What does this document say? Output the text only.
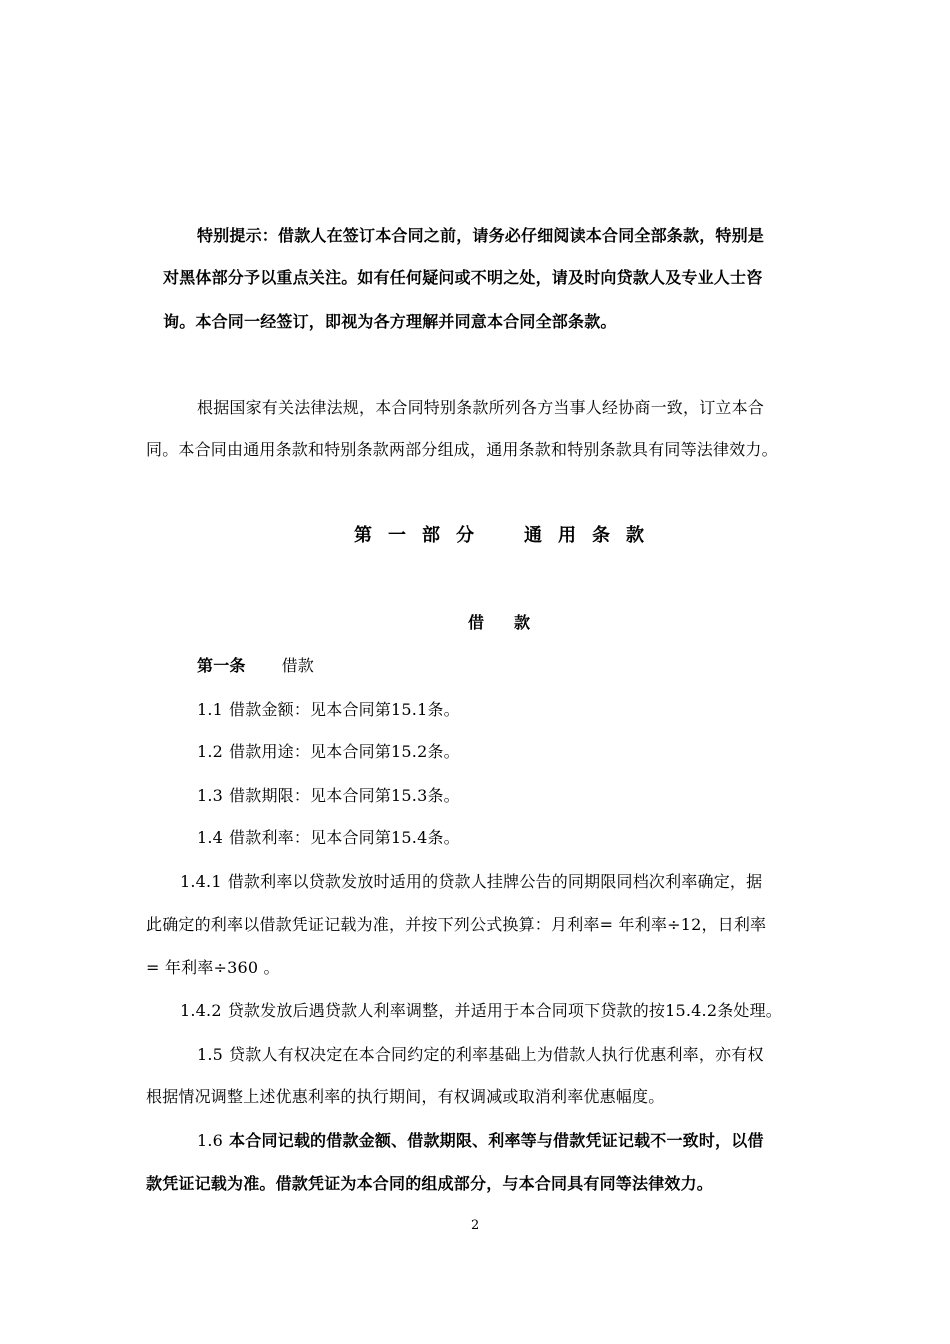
特别提示：借款人在签订本合同之前，请务必仔细阅读本合同全部条款，特别是
对黑体部分予以重点关注。如有任何疑问或不明之处，请及时向贷款人及专业人士咨
询。本合同一经签订，即视为各方理解并同意本合同全部条款。
根据国家有关法律法规，本合同特别条款所列各方当事人经协商一致，订立本合
同。本合同由通用条款和特别条款两部分组成，通用条款和特别条款具有同等法律效力。
第一部分　通用条款
借款
第一条 借款
1.1 借款金额：见本合同第15.1条。
1.2 借款用途：见本合同第15.2条。
1.3 借款期限：见本合同第15.3条。
1.4 借款利率：见本合同第15.4条。
1.4.1 借款利率以贷款发放时适用的贷款人挂牌公告的同期限同档次利率确定，据
此确定的利率以借款凭证记载为准，并按下列公式换算：月利率= 年利率÷12，日利率
= 年利率÷360 。
1.4.2 贷款发放后遇贷款人利率调整，并适用于本合同项下贷款的按15.4.2条处理。
1.5 贷款人有权决定在本合同约定的利率基础上为借款人执行优惠利率，亦有权
根据情况调整上述优惠利率的执行期间，有权调减或取消利率优惠幅度。
1.6 本合同记载的借款金额、借款期限、利率等与借款凭证记载不一致时，以借
款凭证记载为准。借款凭证为本合同的组成部分，与本合同具有同等法律效力。
2
